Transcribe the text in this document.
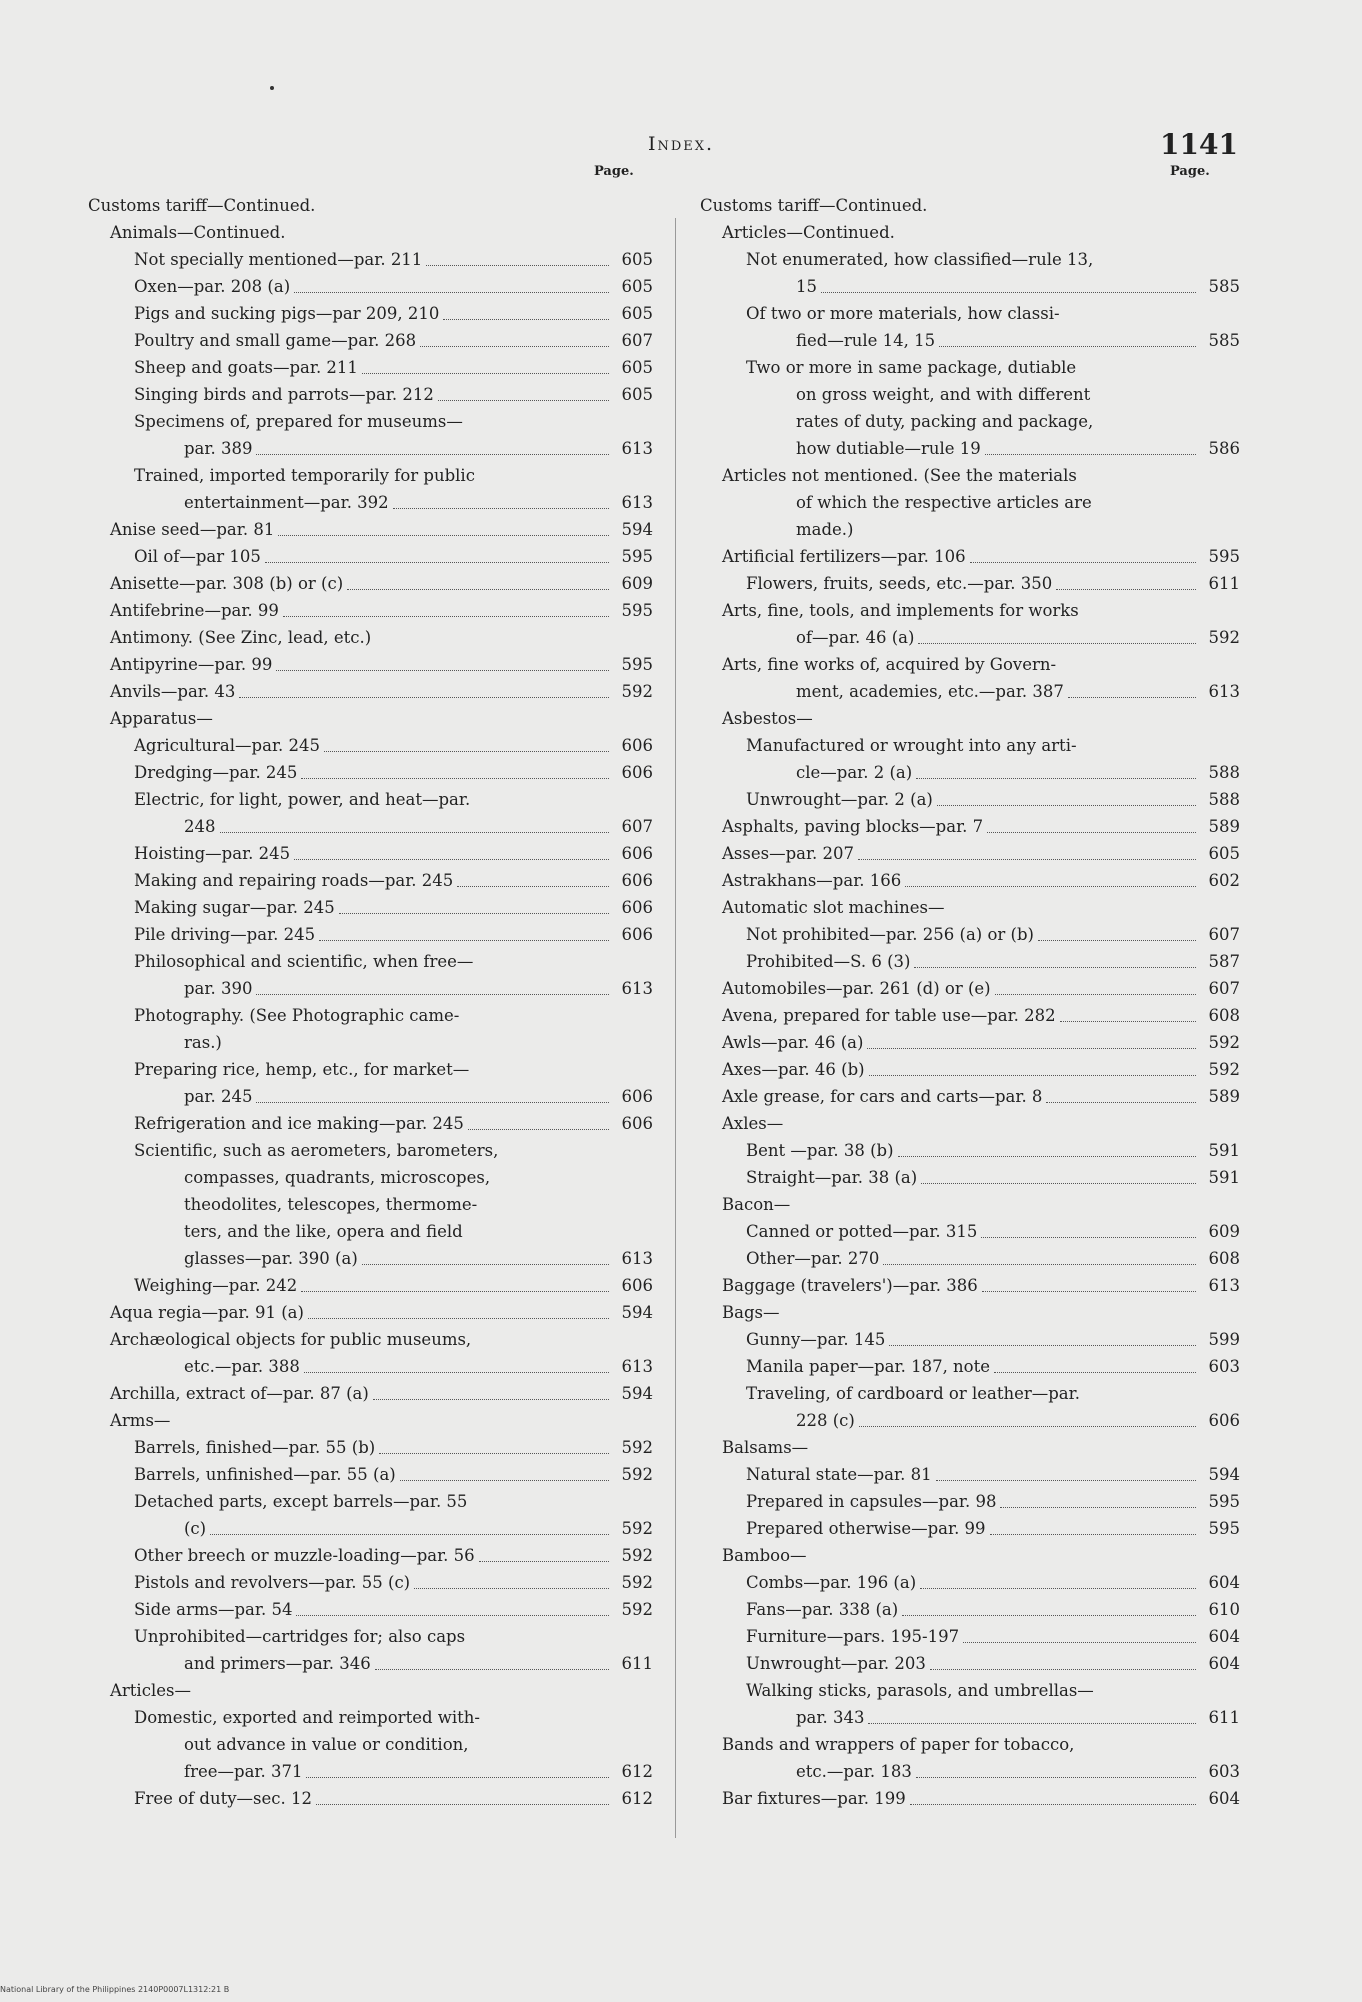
Index.	1141
Page.
Customs tariff—Continued.
Animals—Continued.
Not specially mentioned—par. 211	605
Oxen—par. 208 (a)	605
Pigs and sucking pigs—par 209, 210	605
Poultry and small game—par. 268	607
Sheep and goats—par. 211	605
Singing birds and parrots—par. 212	605
Specimens of, prepared for museums—
par. 389	613
Trained, imported temporarily for public
entertainment—par. 392	613
Anise seed—par. 81	594
Oil of—par 105	595
Anisette—par. 308 (b) or (c)	609
Antifebrine—par. 99	595
Antimony. (See Zinc, lead, etc.)
Antipyrine—par. 99	595
Anvils—par. 43	592
Apparatus—
Agricultural—par. 245	606
Dredging—par. 245	606
Electric, for light, power, and heat—par.
248	607
Hoisting—par. 245	606
Making and repairing roads—par. 245	606
Making sugar—par. 245	606
Pile driving—par. 245	606
Philosophical and scientific, when free—
par. 390	613
Photography. (See Photographic came-
ras.)
Preparing rice, hemp, etc., for market—
par. 245	606
Refrigeration and ice making—par. 245	606
Scientific, such as aerometers, barometers,
compasses, quadrants, microscopes,
theodolites, telescopes, thermome-
ters, and the like, opera and field
glasses—par. 390 (a)	613
Weighing—par. 242	606
Aqua regia—par. 91 (a)	594
Archæological objects for public museums,
etc.—par. 388	613
Archilla, extract of—par. 87 (a)	594
Arms—
Barrels, finished—par. 55 (b)	592
Barrels, unfinished—par. 55 (a)	592
Detached parts, except barrels—par. 55
(c)	592
Other breech or muzzle-loading—par. 56	592
Pistols and revolvers—par. 55 (c)	592
Side arms—par. 54	592
Unprohibited—cartridges for; also caps
and primers—par. 346	611
Articles—
Domestic, exported and reimported with-
out advance in value or condition,
free—par. 371	612
Free of duty—sec. 12	612
Page.
Customs tariff—Continued.
Articles—Continued.
Not enumerated, how classified—rule 13,
15	585
Of two or more materials, how classi-
fied—rule 14, 15	585
Two or more in same package, dutiable
on gross weight, and with different
rates of duty, packing and package,
how dutiable—rule 19	586
Articles not mentioned. (See the materials
of which the respective articles are
made.)
Artificial fertilizers—par. 106	595
Flowers, fruits, seeds, etc.—par. 350	611
Arts, fine, tools, and implements for works
of—par. 46 (a)	592
Arts, fine works of, acquired by Govern-
ment, academies, etc.—par. 387	613
Asbestos—
Manufactured or wrought into any arti-
cle—par. 2 (a)	588
Unwrought—par. 2 (a)	588
Asphalts, paving blocks—par. 7	589
Asses—par. 207	605
Astrakhans—par. 166	602
Automatic slot machines—
Not prohibited—par. 256 (a) or (b)	607
Prohibited—S. 6 (3)	587
Automobiles—par. 261 (d) or (e)	607
Avena, prepared for table use—par. 282	608
Awls—par. 46 (a)	592
Axes—par. 46 (b)	592
Axle grease, for cars and carts—par. 8	589
Axles—
Bent —par. 38 (b)	591
Straight—par. 38 (a)	591
Bacon—
Canned or potted—par. 315	609
Other—par. 270	608
Baggage (travelers')—par. 386	613
Bags—
Gunny—par. 145	599
Manila paper—par. 187, note	603
Traveling, of cardboard or leather—par.
228 (c)	606
Balsams—
Natural state—par. 81	594
Prepared in capsules—par. 98	595
Prepared otherwise—par. 99	595
Bamboo—
Combs—par. 196 (a)	604
Fans—par. 338 (a)	610
Furniture—pars. 195-197	604
Unwrought—par. 203	604
Walking sticks, parasols, and umbrellas—
par. 343	611
Bands and wrappers of paper for tobacco,
etc.—par. 183	603
Bar fixtures—par. 199	604
National Library of the Philippines 2140P0007L1312:21 B
